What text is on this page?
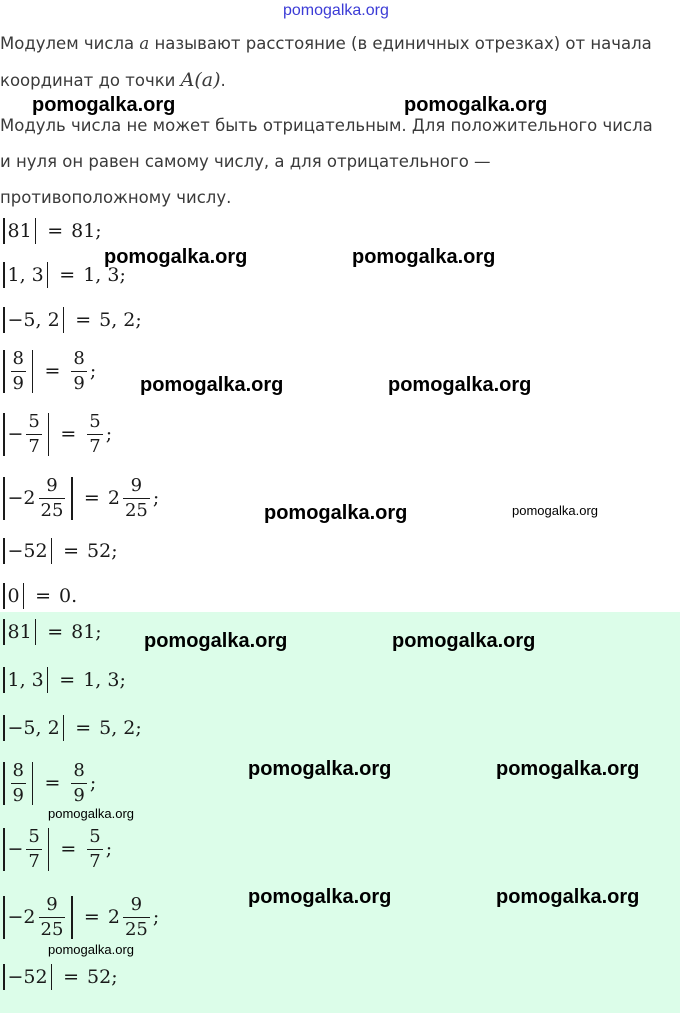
Модулем числа a называют расстояние (в единичных отрезках) от начала координат до точки A(a).

Модуль числа не может быть отрицательным. Для положительного числа и нуля он равен самому числу, а для отрицательного — противоположному числу.

81 = 81 ;
1, 3 = 1, 3 ;
−5, 2 = 5, 2 ;
$\frac{8}{9} = \frac{8}{9}$ ;
− $\frac{5}{7} = \frac{5}{7}$ ;
$-2 \frac{9}{25} = 2 \frac{9}{25}$ ;
−52 = 52 ;
0 = 0 .
81 = 81 ;
1, 3 = 1, 3 ;
−5, 2 = 5, 2 ;
$\frac{8}{9} = \frac{8}{9}$ ;
− $\frac{5}{7} = \frac{5}{7}$ ;
$-2 \frac{9}{25} = 2 \frac{9}{25}$ ;
−52 = 52 ;
pomogalka.org
pomogalka.org	pomogalka.org
pomogalka.org	pomogalka.org
pomogalka.org	pomogalka.org
pomogalka.org	pomogalka.org
pomogalka.org	pomogalka.org
pomogalka.org	pomogalka.org
pomogalka.org
pomogalka.org	pomogalka.org
pomogalka.org
